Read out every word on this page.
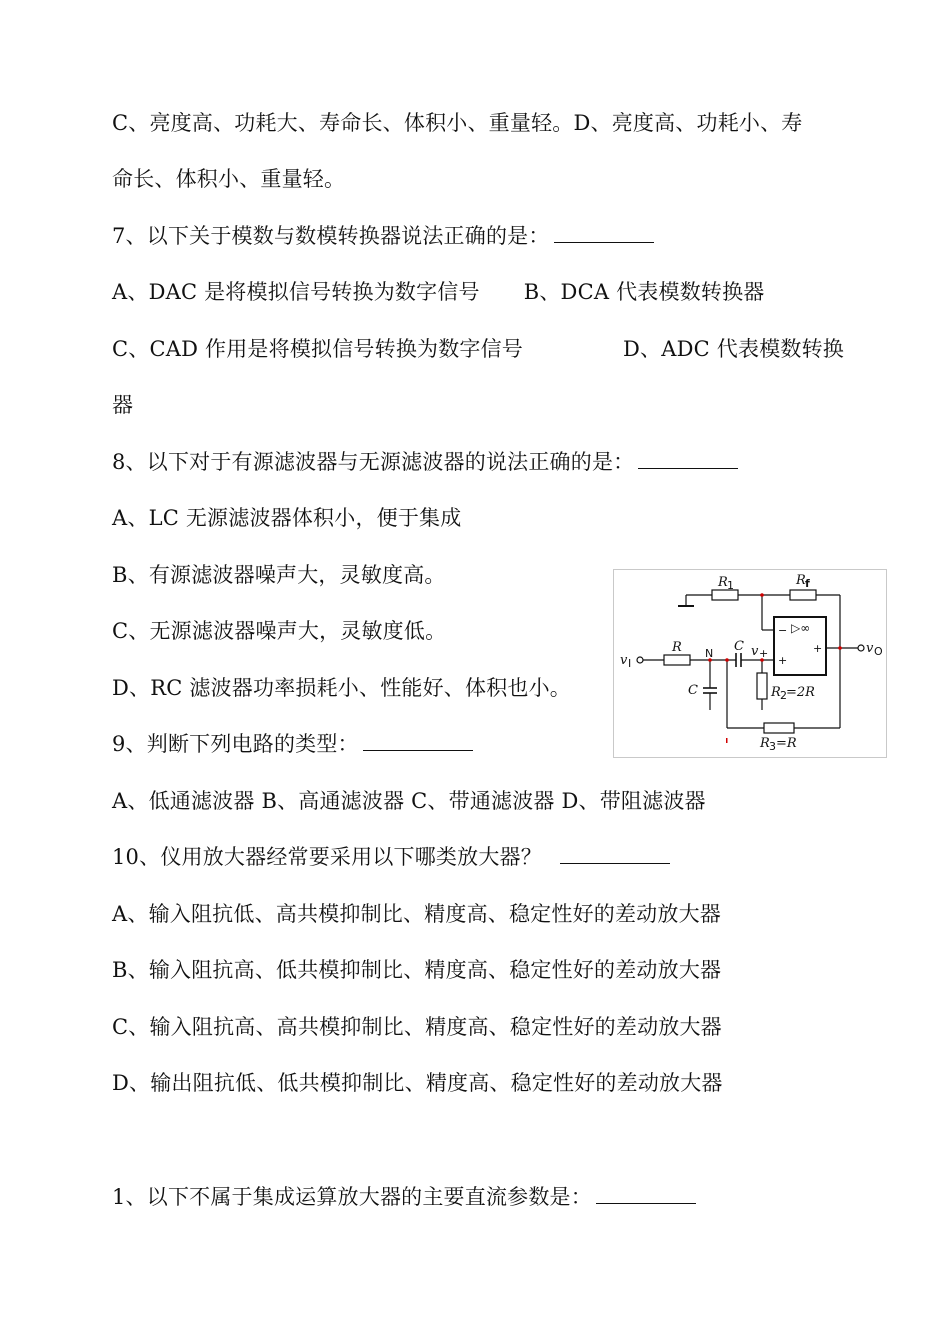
C、亮度高、功耗大、寿命长、体积小、重量轻。D、亮度高、功耗小、寿
命长、体积小、重量轻。
7、以下关于模数与数模转换器说法正确的是：
A、DAC 是将模拟信号转换为数字信号 B、DCA 代表模数转换器
C、CAD 作用是将模拟信号转换为数字信号	D、ADC 代表模数转换
器
8、以下对于有源滤波器与无源滤波器的说法正确的是：
A、LC 无源滤波器体积小，便于集成
B、有源滤波器噪声大，灵敏度高。
C、无源滤波器噪声大，灵敏度低。
D、RC 滤波器功率损耗小、性能好、体积也小。
9、判断下列电路的类型：
A、低通滤波器 B、高通滤波器 C、带通滤波器 D、带阻滤波器
10、仪用放大器经常要采用以下哪类放大器？
A、输入阻抗低、高共模抑制比、精度高、稳定性好的差动放大器
B、输入阻抗高、低共模抑制比、精度高、稳定性好的差动放大器
C、输入阻抗高、高共模抑制比、精度高、稳定性好的差动放大器
D、输出阻抗低、低共模抑制比、精度高、稳定性好的差动放大器
1、以下不属于集成运算放大器的主要直流参数是：
R 1	R f
R N C
C
v +
R 2 =2R
R 3 =R
v I
v O
−
+
▷∞
+
